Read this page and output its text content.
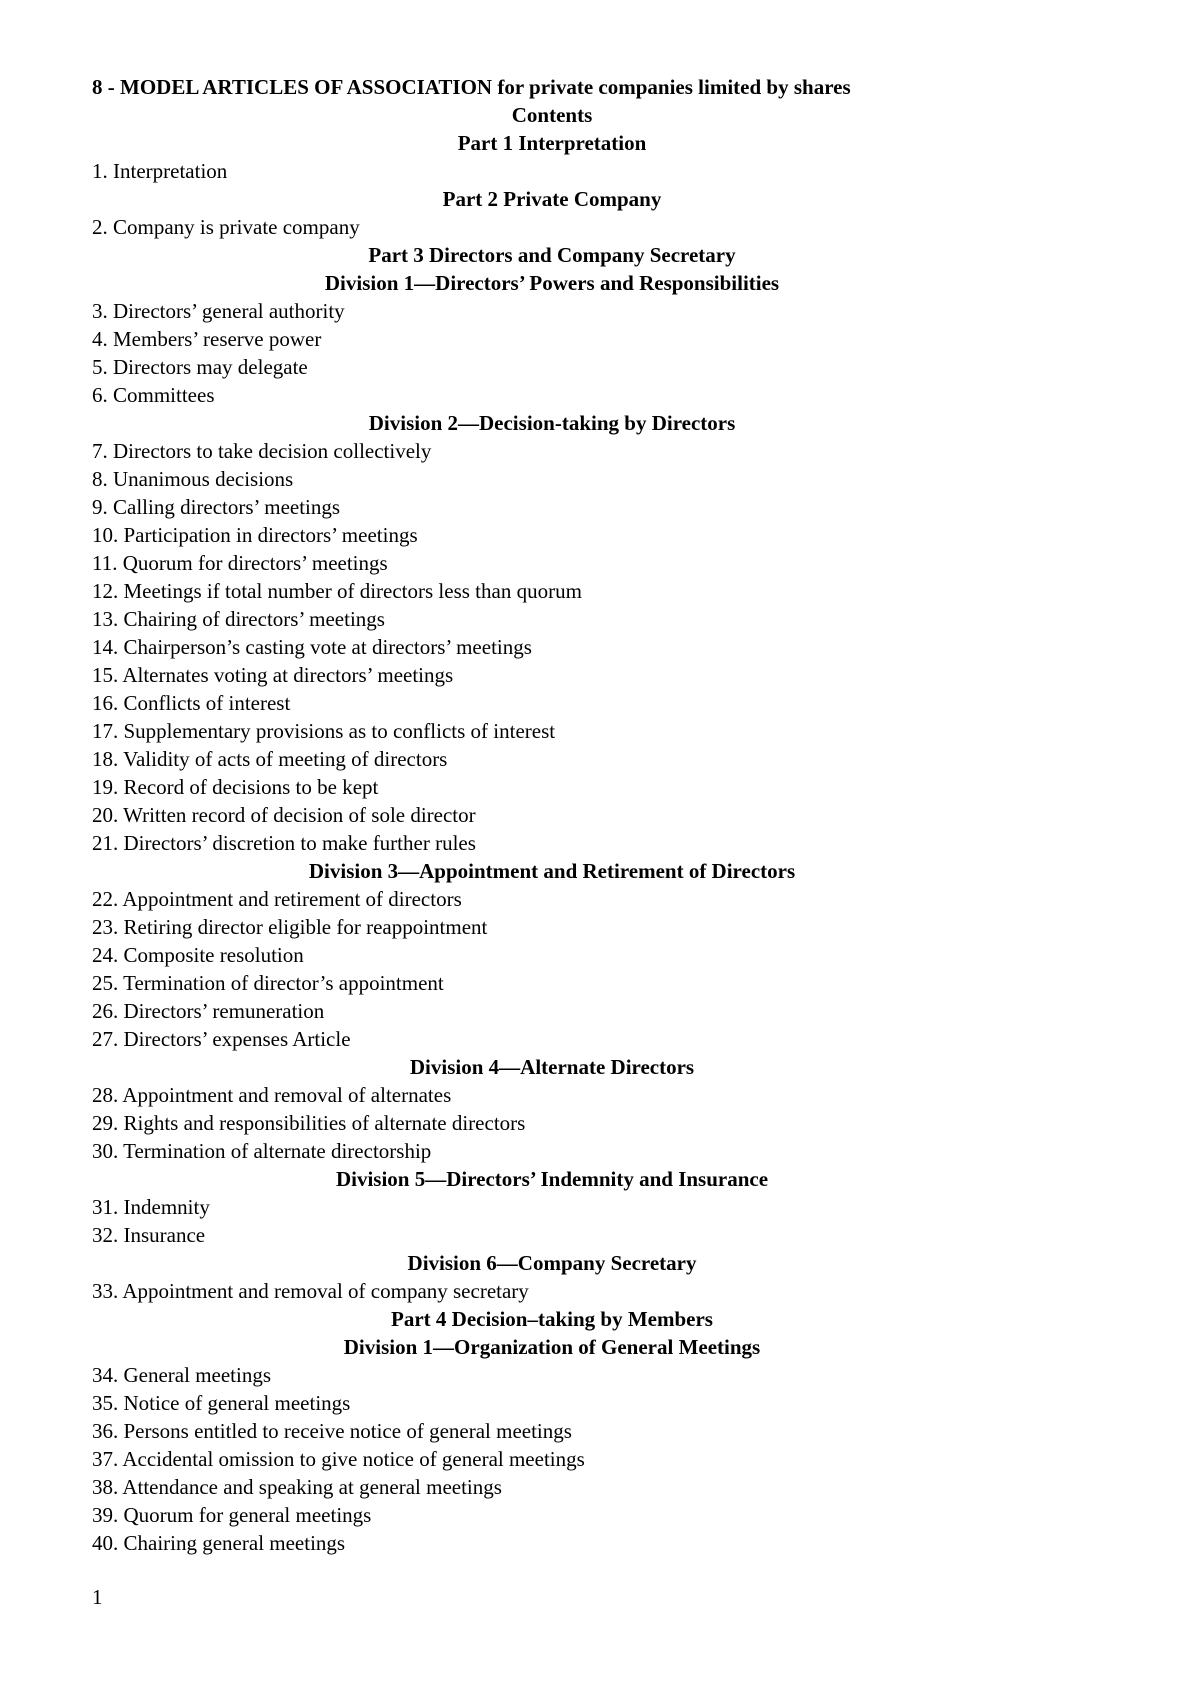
8 - MODEL ARTICLES OF ASSOCIATION for private companies limited by shares
Contents
Part 1 Interpretation
1. Interpretation
Part 2 Private Company
2. Company is private company
Part 3 Directors and Company Secretary
Division 1—Directors’ Powers and Responsibilities
3. Directors’ general authority
4. Members’ reserve power
5. Directors may delegate
6. Committees
Division 2—Decision-taking by Directors
7. Directors to take decision collectively
8. Unanimous decisions
9. Calling directors’ meetings
10. Participation in directors’ meetings
11. Quorum for directors’ meetings
12. Meetings if total number of directors less than quorum
13. Chairing of directors’ meetings
14. Chairperson’s casting vote at directors’ meetings
15. Alternates voting at directors’ meetings
16. Conflicts of interest
17. Supplementary provisions as to conflicts of interest
18. Validity of acts of meeting of directors
19. Record of decisions to be kept
20. Written record of decision of sole director
21. Directors’ discretion to make further rules
Division 3—Appointment and Retirement of Directors
22. Appointment and retirement of directors
23. Retiring director eligible for reappointment
24. Composite resolution
25. Termination of director’s appointment
26. Directors’ remuneration
27. Directors’ expenses Article
Division 4—Alternate Directors
28. Appointment and removal of alternates
29. Rights and responsibilities of alternate directors
30. Termination of alternate directorship
Division 5—Directors’ Indemnity and Insurance
31. Indemnity
32. Insurance
Division 6—Company Secretary
33. Appointment and removal of company secretary
Part 4 Decision–taking by Members
Division 1—Organization of General Meetings
34. General meetings
35. Notice of general meetings
36. Persons entitled to receive notice of general meetings
37. Accidental omission to give notice of general meetings
38. Attendance and speaking at general meetings
39. Quorum for general meetings
40. Chairing general meetings
1
